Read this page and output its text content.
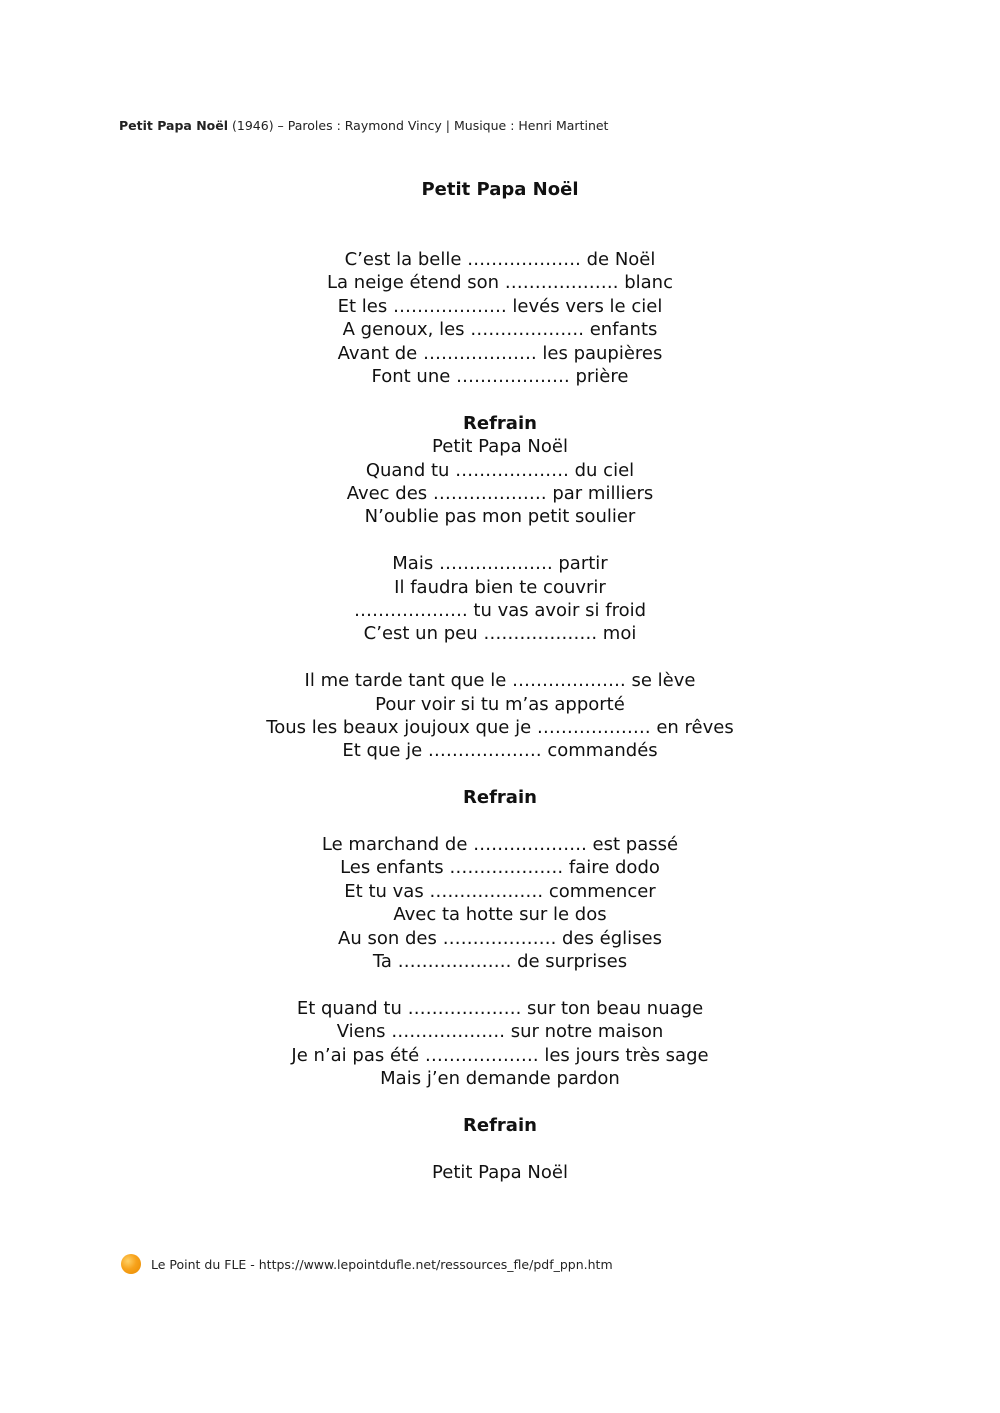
Petit Papa Noël (1946) – Paroles : Raymond Vincy | Musique : Henri Martinet

Petit Papa Noël

C’est la belle ………………. de Noël
La neige étend son ………………. blanc
Et les ………………. levés vers le ciel
A genoux, les ………………. enfants
Avant de ………………. les paupières
Font une ………………. prière
Refrain
Petit Papa Noël
Quand tu ………………. du ciel
Avec des ………………. par milliers
N’oublie pas mon petit soulier
Mais ………………. partir
Il faudra bien te couvrir
………………. tu vas avoir si froid
C’est un peu ………………. moi
Il me tarde tant que le ………………. se lève
Pour voir si tu m’as apporté
Tous les beaux joujoux que je ………………. en rêves
Et que je ………………. commandés
Refrain
Le marchand de ………………. est passé
Les enfants ………………. faire dodo
Et tu vas ………………. commencer
Avec ta hotte sur le dos
Au son des ………………. des églises
Ta ………………. de surprises
Et quand tu ………………. sur ton beau nuage
Viens ………………. sur notre maison
Je n’ai pas été ………………. les jours très sage
Mais j’en demande pardon
Refrain
Petit Papa Noël
Le Point du FLE - https://www.lepointdufle.net/ressources_fle/pdf_ppn.htm
